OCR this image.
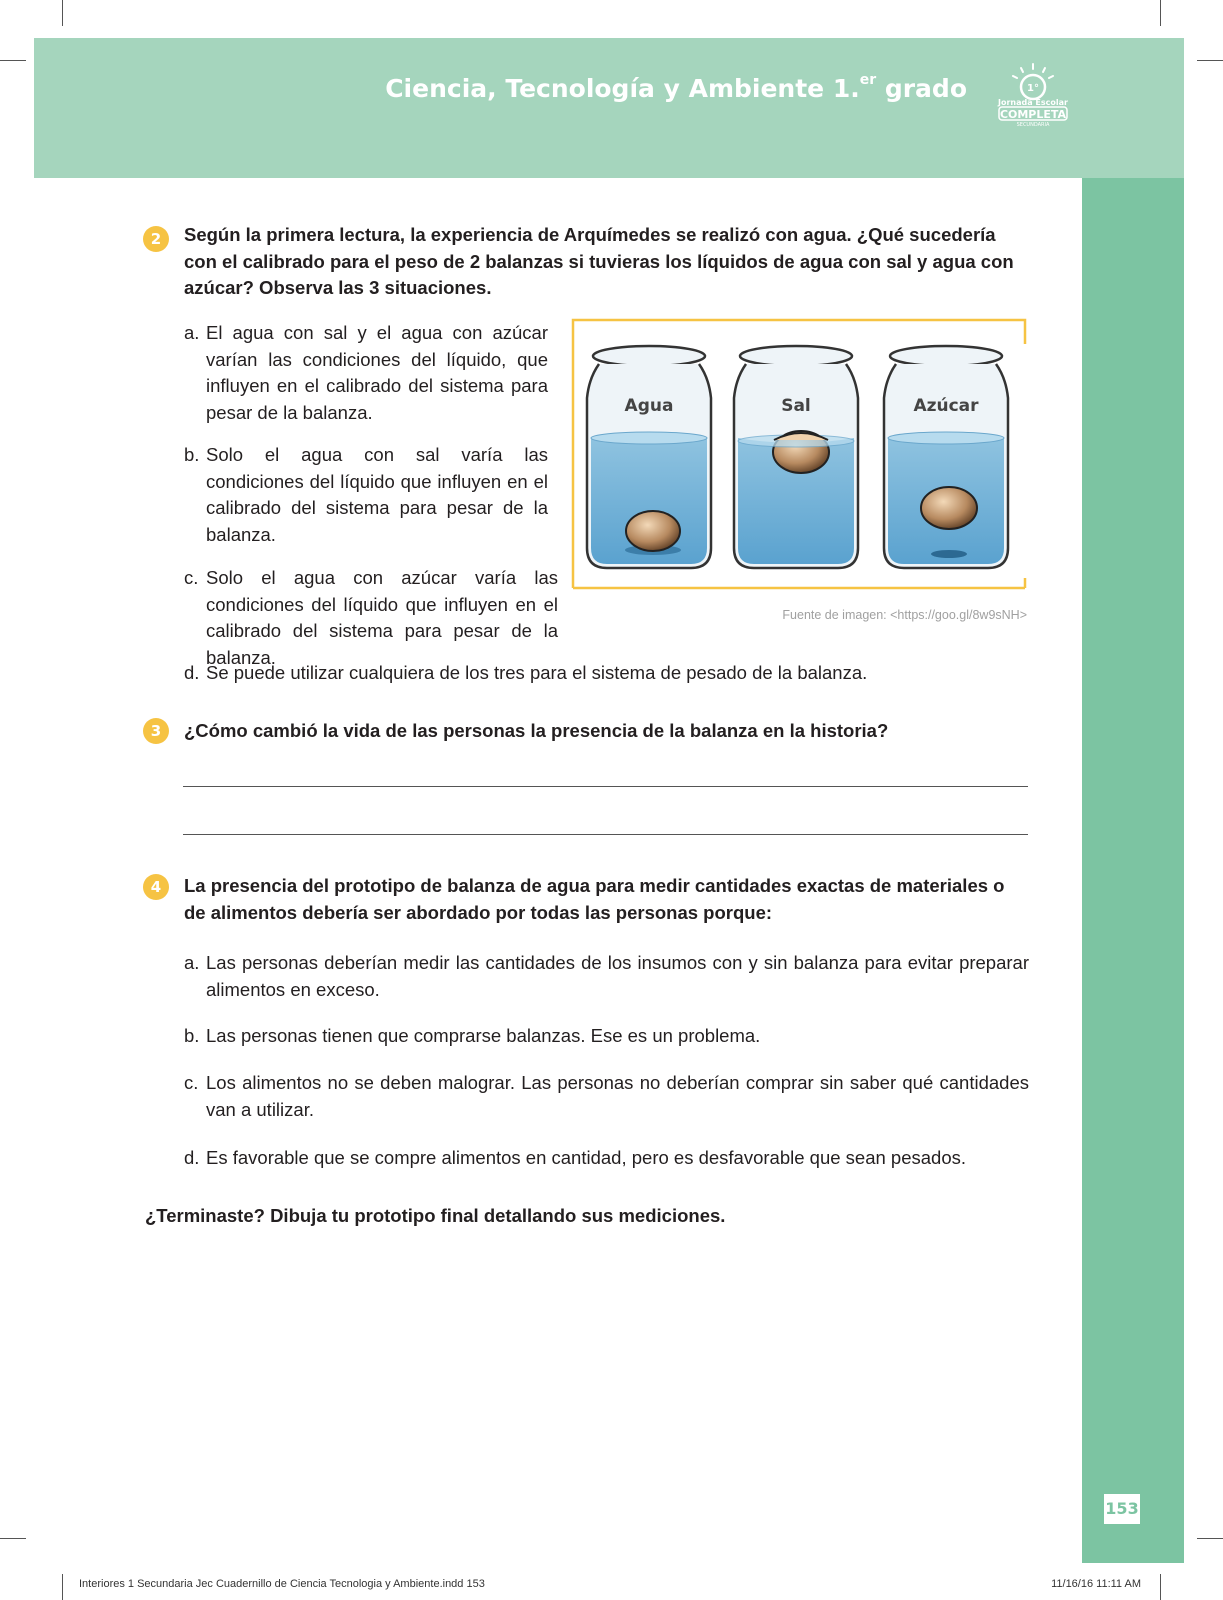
Ciencia, Tecnología y Ambiente 1.$^{er}$ grado	1°
Jornada Escolar
COMPLETA
SECUNDARIA
153
2	Según la primera lectura, la experiencia de Arquímedes se realizó con agua. ¿Qué sucedería con el calibrado para el peso de 2 balanzas si tuvieras los líquidos de agua con sal y agua con azúcar? Observa las 3 situaciones.
a. El agua con sal y el agua con azúcar varían las condiciones del líquido, que influyen en el calibrado del sistema para pesar de la balanza.
b. Solo el agua con sal varía las condiciones del líquido que influyen en el calibrado del sistema para pesar de la balanza.
c. Solo el agua con azúcar varía las condiciones del líquido que influyen en el calibrado del sistema para pesar de la balanza.
d. Se puede utilizar cualquiera de los tres para el sistema de pesado de la balanza.
Agua	Sal	Azúcar
Fuente de imagen: <https://goo.gl/8w9sNH>
3	¿Cómo cambió la vida de las personas la presencia de la balanza en la historia?
4	La presencia del prototipo de balanza de agua para medir cantidades exactas de materiales o de alimentos debería ser abordado por todas las personas porque:
a. Las personas deberían medir las cantidades de los insumos con y sin balanza para evitar preparar alimentos en exceso.
b. Las personas tienen que comprarse balanzas. Ese es un problema.
c. Los alimentos no se deben malograr. Las personas no deberían comprar sin saber qué cantidades van a utilizar.
d. Es favorable que se compre alimentos en cantidad, pero es desfavorable que sean pesados.
¿Terminaste? Dibuja tu prototipo final detallando sus mediciones.
Interiores 1 Secundaria Jec Cuadernillo de Ciencia Tecnologia y Ambiente.indd 153	11/16/16 11:11 AM
